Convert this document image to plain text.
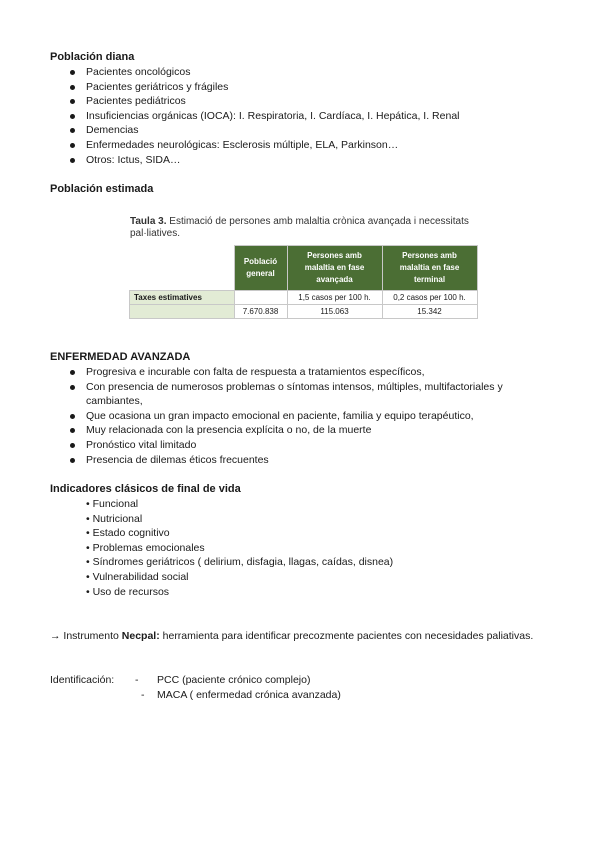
Población diana
Pacientes oncológicos
Pacientes geriátricos y frágiles
Pacientes pediátricos
Insuficiencias orgánicas (IOCA): I. Respiratoria, I. Cardíaca, I. Hepática, I. Renal
Demencias
Enfermedades neurológicas: Esclerosis múltiple, ELA, Parkinson…
Otros: Ictus, SIDA…
Población estimada
Taula 3. Estimació de persones amb malaltia crònica avançada i necessitats pal·liatives.
	Població general	Persones amb malaltia en fase avançada	Persones amb malaltia en fase terminal
Taxes estimatives		1,5 casos per 100 h.	0,2 casos per 100 h.
	7.670.838	115.063	15.342
ENFERMEDAD AVANZADA
Progresiva e incurable con falta de respuesta a tratamientos específicos,
Con presencia de numerosos problemas o síntomas intensos, múltiples, multifactoriales y cambiantes,
Que ocasiona un gran impacto emocional en paciente, familia y equipo terapéutico,
Muy relacionada con la presencia explícita o no, de la muerte
Pronóstico vital limitado
Presencia de dilemas éticos frecuentes
Indicadores clásicos de final de vida
• Funcional
• Nutricional
• Estado cognitivo
• Problemas emocionales
• Síndromes geriátricos ( delirium, disfagia, llagas, caídas, disnea)
• Vulnerabilidad social
• Uso de recursos
→ Instrumento Necpal: herramienta para identificar precozmente pacientes con necesidades paliativas.
Identificación: - PCC (paciente crónico complejo)
- MACA ( enfermedad crónica avanzada)
